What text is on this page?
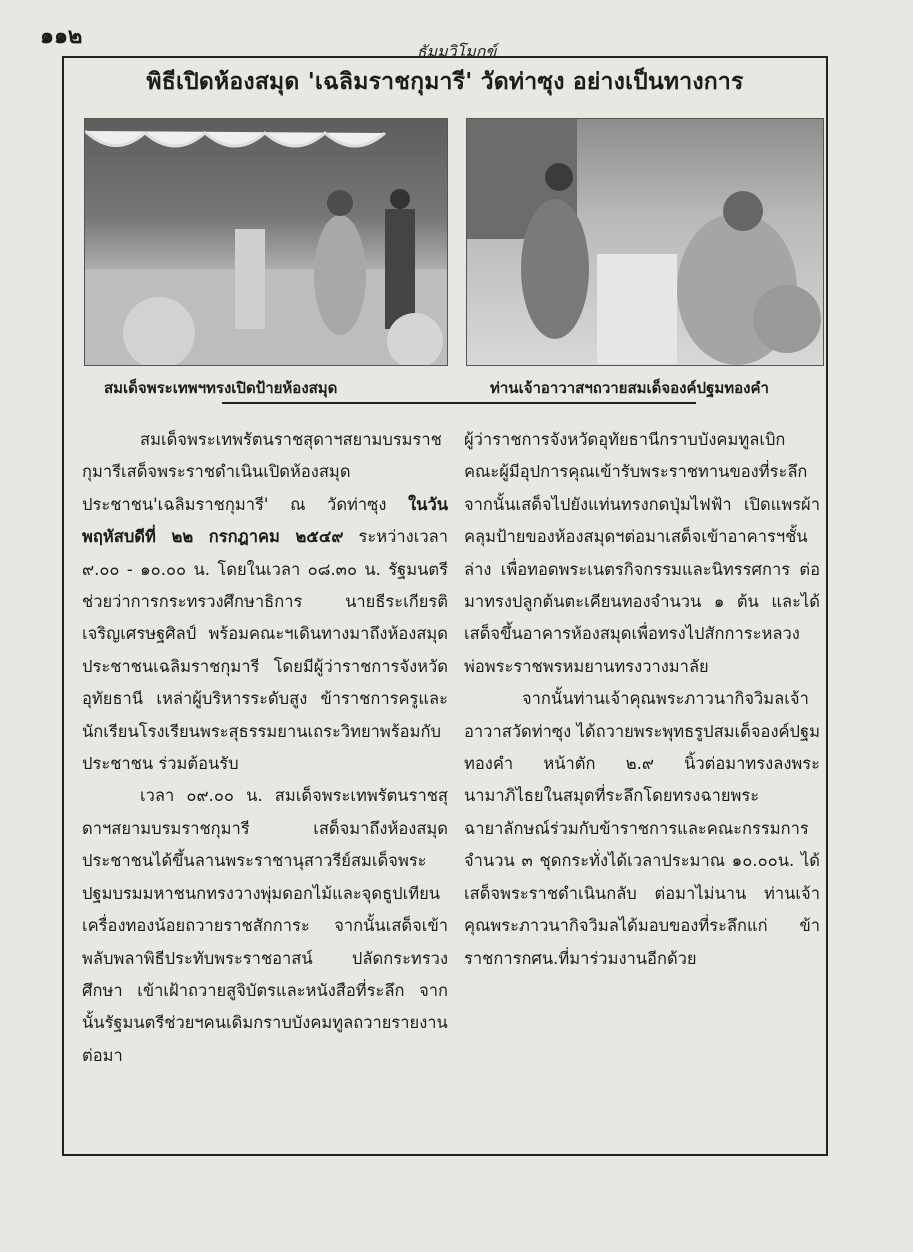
๑๑๒
ธัมมวิโมกข์
พิธีเปิดห้องสมุด 'เฉลิมราชกุมารี' วัดท่าซุง อย่างเป็นทางการ
สมเด็จพระเทพฯทรงเปิดป้ายห้องสมุด	ท่านเจ้าอาวาสฯถวายสมเด็จองค์ปฐมทองคำ

สมเด็จพระเทพรัตนราชสุดาฯสยามบรมราชกุมารีเสด็จพระราชดำเนินเปิดห้องสมุดประชาชน'เฉลิมราชกุมารี' ณ วัดท่าซุง ในวันพฤหัสบดีที่ ๒๒ กรกฎาคม ๒๕๔๙ ระหว่างเวลา ๙.๐๐ - ๑๐.๐๐ น. โดยในเวลา ๐๘.๓๐ น. รัฐมนตรีช่วยว่าการกระทรวงศึกษาธิการ นายธีระเกียรติ เจริญเศรษฐศิลป์ พร้อมคณะฯเดินทางมาถึงห้องสมุดประชาชนเฉลิมราชกุมารี โดยมีผู้ว่าราชการจังหวัดอุทัยธานี เหล่าผู้บริหารระดับสูง ข้าราชการครูและนักเรียนโรงเรียนพระสุธรรมยานเถระวิทยาพร้อมกับประชาชน ร่วมต้อนรับ

เวลา ๐๙.๐๐ น. สมเด็จพระเทพรัตนราชสุดาฯสยามบรมราชกุมารี เสด็จมาถึงห้องสมุดประชาชนได้ขึ้นลานพระราชานุสาวรีย์สมเด็จพระปฐมบรมมหาชนกทรงวางพุ่มดอกไม้และจุดธูปเทียนเครื่องทองน้อยถวายราชสักการะ จากนั้นเสด็จเข้าพลับพลาพิธีประทับพระราชอาสน์ ปลัดกระทรวงศึกษา เข้าเฝ้าถวายสูจิบัตรและหนังสือที่ระลึก จากนั้นรัฐมนตรีช่วยฯคนเดิมกราบบังคมทูลถวายรายงาน ต่อมา

ผู้ว่าราชการจังหวัดอุทัยธานีกราบบังคมทูลเบิกคณะผู้มีอุปการคุณเข้ารับพระราชทานของที่ระลึก จากนั้นเสด็จไปยังแท่นทรงกดปุ่มไฟฟ้า เปิดแพรผ้าคลุมป้ายของห้องสมุดฯต่อมาเสด็จเข้าอาคารฯชั้นล่าง เพื่อทอดพระเนตรกิจกรรมและนิทรรศการ ต่อมาทรงปลูกต้นตะเคียนทองจำนวน ๑ ต้น และได้เสด็จขึ้นอาคารห้องสมุดเพื่อทรงไปสักการะหลวงพ่อพระราชพรหมยานทรงวางมาลัย

จากนั้นท่านเจ้าคุณพระภาวนากิจวิมลเจ้าอาวาสวัดท่าซุง ได้ถวายพระพุทธรูปสมเด็จองค์ปฐมทองคำ หน้าตัก ๒.๙ นิ้วต่อมาทรงลงพระนามาภิไธยในสมุดที่ระลึกโดยทรงฉายพระฉายาลักษณ์ร่วมกับข้าราชการและคณะกรรมการจำนวน ๓ ชุดกระทั่งได้เวลาประมาณ ๑๐.๐๐น. ได้เสด็จพระราชดำเนินกลับ ต่อมาไม่นาน ท่านเจ้าคุณพระภาวนากิจวิมลได้มอบของที่ระลึกแก่ ข้าราชการกศน.ที่มาร่วมงานอีกด้วย
